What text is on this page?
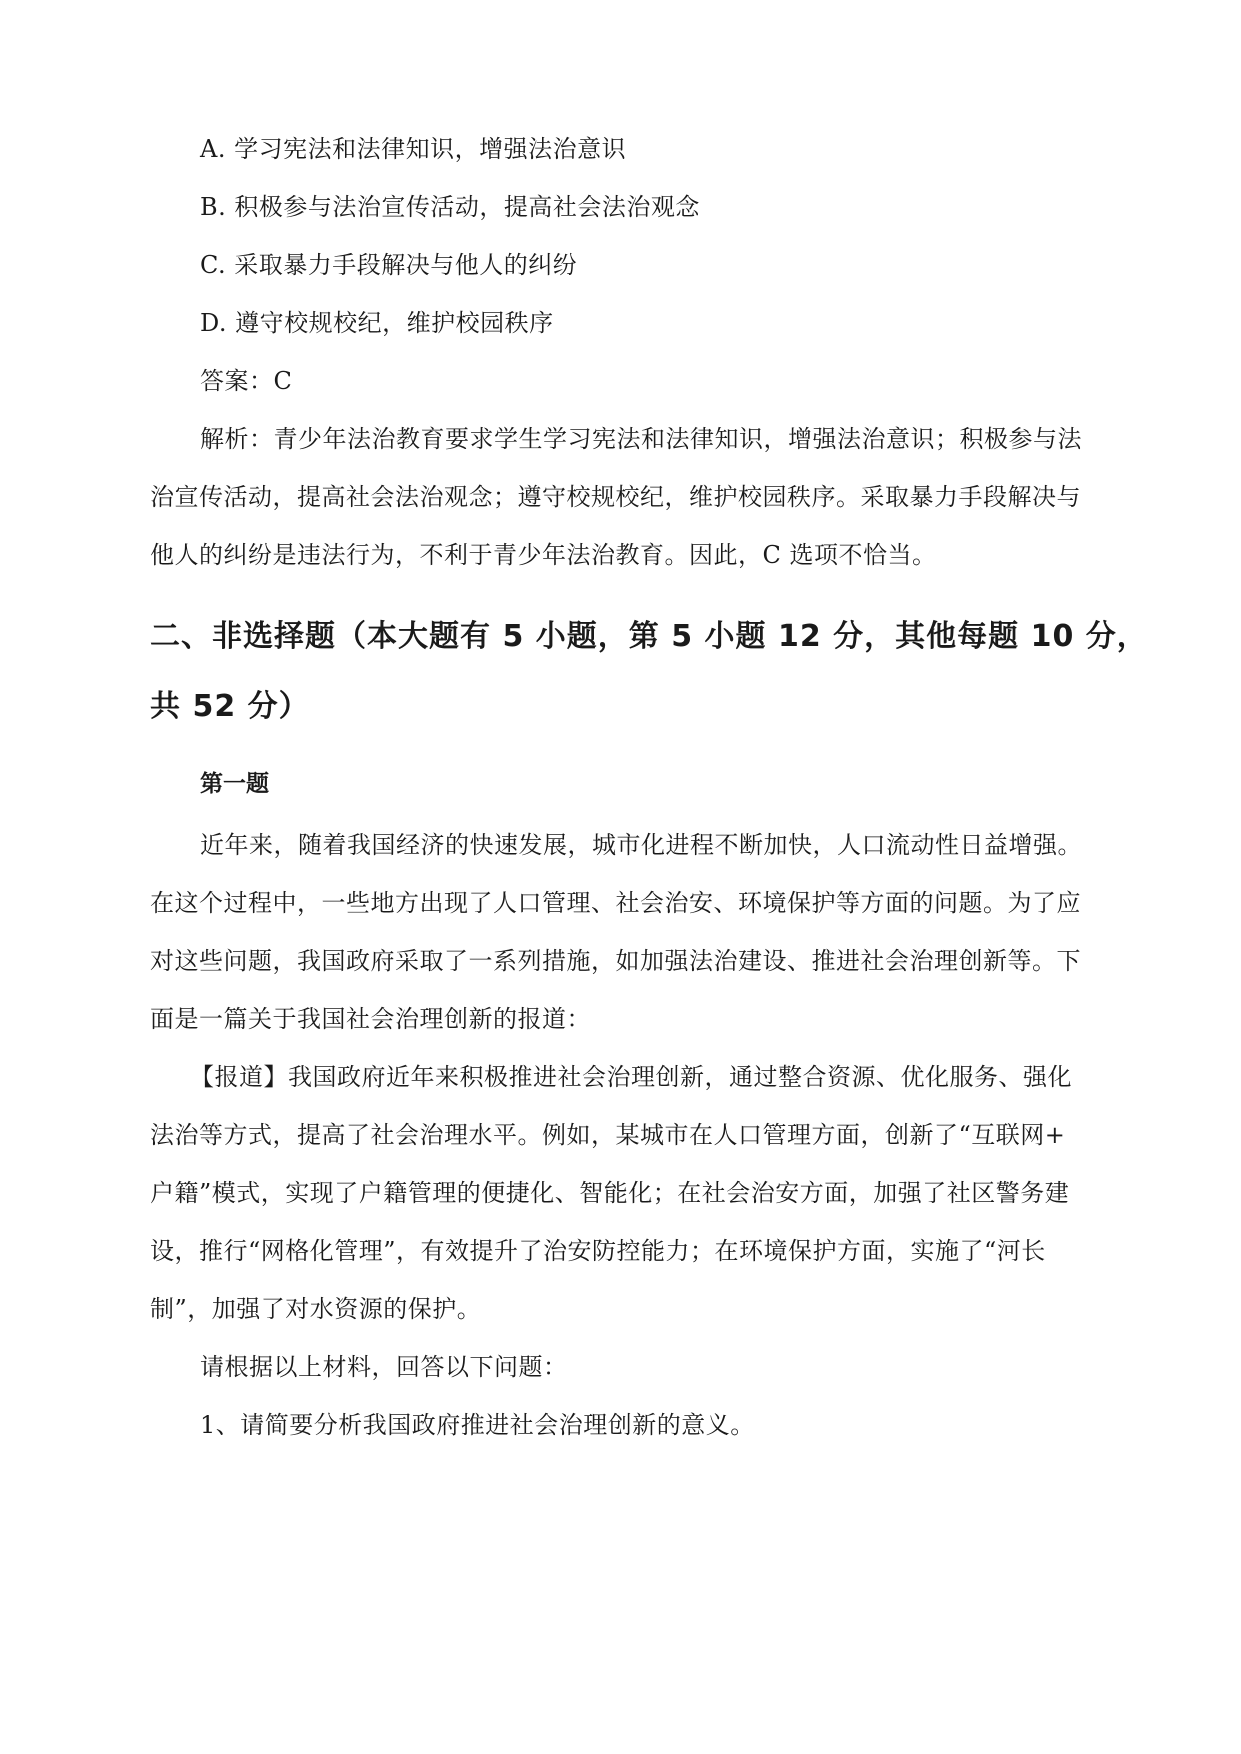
A. 学习宪法和法律知识，增强法治意识
B. 积极参与法治宣传活动，提高社会法治观念
C. 采取暴力手段解决与他人的纠纷
D. 遵守校规校纪，维护校园秩序
答案：C
解析：青少年法治教育要求学生学习宪法和法律知识，增强法治意识；积极参与法
治宣传活动，提高社会法治观念；遵守校规校纪，维护校园秩序。采取暴力手段解决与
他人的纠纷是违法行为，不利于青少年法治教育。因此，C 选项不恰当。
二、非选择题（本大题有 5 小题，第 5 小题 12 分，其他每题 10 分，
共 52 分）
第一题
近年来，随着我国经济的快速发展，城市化进程不断加快，人口流动性日益增强。
在这个过程中，一些地方出现了人口管理、社会治安、环境保护等方面的问题。为了应
对这些问题，我国政府采取了一系列措施，如加强法治建设、推进社会治理创新等。下
面是一篇关于我国社会治理创新的报道：
【报道】我国政府近年来积极推进社会治理创新，通过整合资源、优化服务、强化
法治等方式，提高了社会治理水平。例如，某城市在人口管理方面，创新了“互联网+
户籍”模式，实现了户籍管理的便捷化、智能化；在社会治安方面，加强了社区警务建
设，推行“网格化管理”，有效提升了治安防控能力；在环境保护方面，实施了“河长
制”，加强了对水资源的保护。
请根据以上材料，回答以下问题：
1、请简要分析我国政府推进社会治理创新的意义。
